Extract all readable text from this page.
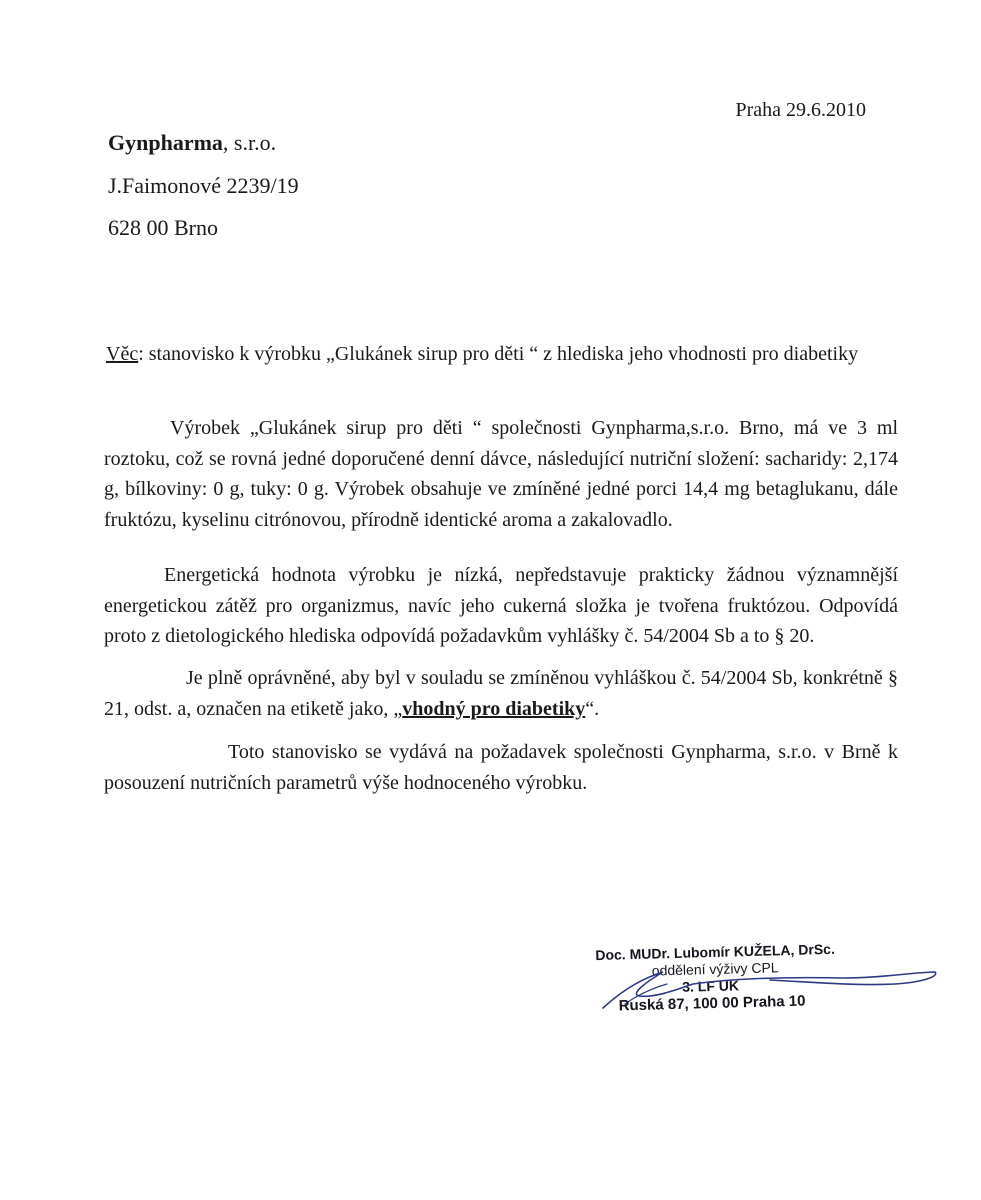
Praha 29.6.2010
Gynpharma, s.r.o.
J.Faimonové 2239/19
628 00 Brno
Věc: stanovisko k výrobku „Glukánek sirup pro děti “ z hlediska jeho vhodnosti pro diabetiky

Výrobek „Glukánek sirup pro děti “ společnosti Gynpharma,s.r.o. Brno, má ve 3 ml roztoku, což se rovná jedné doporučené denní dávce, následující nutriční složení: sacharidy: 2,174 g, bílkoviny: 0 g, tuky: 0 g. Výrobek obsahuje ve zmíněné jedné porci 14,4 mg betaglukanu, dále fruktózu, kyselinu citrónovou, přírodně identické aroma a zakalovadlo.

Energetická hodnota výrobku je nízká, nepředstavuje prakticky žádnou významnější energetickou zátěž pro organizmus, navíc jeho cukerná složka je tvořena fruktózou. Odpovídá proto z dietologického hlediska odpovídá požadavkům vyhlášky č. 54/2004 Sb a to § 20.

Je plně oprávněné, aby byl v souladu se zmíněnou vyhláškou č. 54/2004 Sb, konkrétně § 21, odst. a, označen na etiketě jako, „vhodný pro diabetiky“.

Toto stanovisko se vydává na požadavek společnosti Gynpharma, s.r.o. v Brně k posouzení nutričních parametrů výše hodnoceného výrobku.

Doc. MUDr. Lubomír KUŽELA, DrSc.
oddělení výživy CPL
3. LF UK
Ruská 87, 100 00 Praha 10
